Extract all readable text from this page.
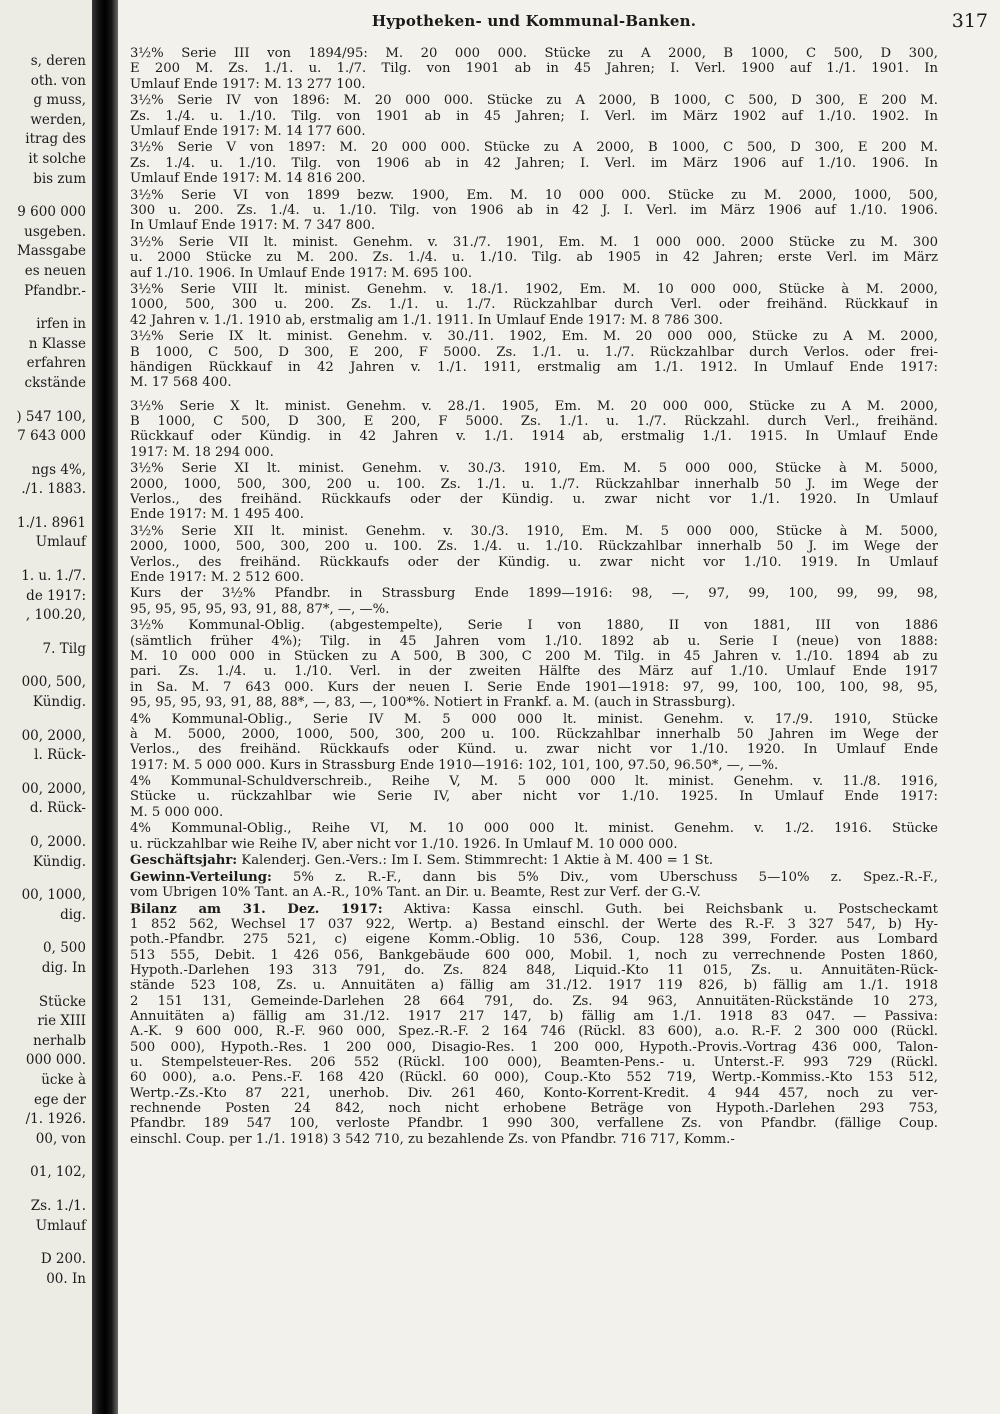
s, deren
oth. von
g muss,
werden,
itrag des
it solche
bis zum
9 600 000
usgeben.
Massgabe
es neuen
Pfandbr.-
irfen in
n Klasse
erfahren
ckstände
) 547 100,
7 643 000
ngs 4%,
./1. 1883.
1./1. 8961
Umlauf
1. u. 1./7.
de 1917:
, 100.20,
7. Tilg
000, 500,
Kündig.
00, 2000,
l. Rück-
00, 2000,
d. Rück-
0, 2000.
Kündig.
00, 1000,
dig.
0, 500
dig. In
Stücke
rie XIII
nerhalb
000 000.
ücke à
ege der
/1. 1926.
00, von
01, 102,
Zs. 1./1.
Umlauf
D 200.
00. In
Hypotheken- und Kommunal-Banken.	317
3½% Serie III von 1894/95: M. 20 000 000. Stücke zu A 2000, B 1000, C 500, D 300,
E 200 M. Zs. 1./1. u. 1./7. Tilg. von 1901 ab in 45 Jahren; I. Verl. 1900 auf 1./1. 1901. In
Umlauf Ende 1917: M. 13 277 100.
3½% Serie IV von 1896: M. 20 000 000. Stücke zu A 2000, B 1000, C 500, D 300, E 200 M.
Zs. 1./4. u. 1./10. Tilg. von 1901 ab in 45 Jahren; I. Verl. im März 1902 auf 1./10. 1902. In
Umlauf Ende 1917: M. 14 177 600.
3½% Serie V von 1897: M. 20 000 000. Stücke zu A 2000, B 1000, C 500, D 300, E 200 M.
Zs. 1./4. u. 1./10. Tilg. von 1906 ab in 42 Jahren; I. Verl. im März 1906 auf 1./10. 1906. In
Umlauf Ende 1917: M. 14 816 200.
3½% Serie VI von 1899 bezw. 1900, Em. M. 10 000 000. Stücke zu M. 2000, 1000, 500,
300 u. 200. Zs. 1./4. u. 1./10. Tilg. von 1906 ab in 42 J. I. Verl. im März 1906 auf 1./10. 1906.
In Umlauf Ende 1917: M. 7 347 800.
3½% Serie VII lt. minist. Genehm. v. 31./7. 1901, Em. M. 1 000 000. 2000 Stücke zu M. 300
u. 2000 Stücke zu M. 200. Zs. 1./4. u. 1./10. Tilg. ab 1905 in 42 Jahren; erste Verl. im März
auf 1./10. 1906. In Umlauf Ende 1917: M. 695 100.
3½% Serie VIII lt. minist. Genehm. v. 18./1. 1902, Em. M. 10 000 000, Stücke à M. 2000,
1000, 500, 300 u. 200. Zs. 1./1. u. 1./7. Rückzahlbar durch Verl. oder freihänd. Rückkauf in
42 Jahren v. 1./1. 1910 ab, erstmalig am 1./1. 1911. In Umlauf Ende 1917: M. 8 786 300.
3½% Serie IX lt. minist. Genehm. v. 30./11. 1902, Em. M. 20 000 000, Stücke zu A M. 2000,
B 1000, C 500, D 300, E 200, F 5000. Zs. 1./1. u. 1./7. Rückzahlbar durch Verlos. oder frei-
händigen Rückkauf in 42 Jahren v. 1./1. 1911, erstmalig am 1./1. 1912. In Umlauf Ende 1917:
M. 17 568 400.
3½% Serie X lt. minist. Genehm. v. 28./1. 1905, Em. M. 20 000 000, Stücke zu A M. 2000,
B 1000, C 500, D 300, E 200, F 5000. Zs. 1./1. u. 1./7. Rückzahl. durch Verl., freihänd.
Rückkauf oder Kündig. in 42 Jahren v. 1./1. 1914 ab, erstmalig 1./1. 1915. In Umlauf Ende
1917: M. 18 294 000.
3½% Serie XI lt. minist. Genehm. v. 30./3. 1910, Em. M. 5 000 000, Stücke à M. 5000,
2000, 1000, 500, 300, 200 u. 100. Zs. 1./1. u. 1./7. Rückzahlbar innerhalb 50 J. im Wege der
Verlos., des freihänd. Rückkaufs oder der Kündig. u. zwar nicht vor 1./1. 1920. In Umlauf
Ende 1917: M. 1 495 400.
3½% Serie XII lt. minist. Genehm. v. 30./3. 1910, Em. M. 5 000 000, Stücke à M. 5000,
2000, 1000, 500, 300, 200 u. 100. Zs. 1./4. u. 1./10. Rückzahlbar innerhalb 50 J. im Wege der
Verlos., des freihänd. Rückkaufs oder der Kündig. u. zwar nicht vor 1./10. 1919. In Umlauf
Ende 1917: M. 2 512 600.
Kurs der 3½% Pfandbr. in Strassburg Ende 1899—1916: 98, —, 97, 99, 100, 99, 99, 98,
95, 95, 95, 95, 93, 91, 88, 87*, —, —%.
3½% Kommunal-Oblig. (abgestempelte), Serie I von 1880, II von 1881, III von 1886
(sämtlich früher 4%); Tilg. in 45 Jahren vom 1./10. 1892 ab u. Serie I (neue) von 1888:
M. 10 000 000 in Stücken zu A 500, B 300, C 200 M. Tilg. in 45 Jahren v. 1./10. 1894 ab zu
pari. Zs. 1./4. u. 1./10. Verl. in der zweiten Hälfte des März auf 1./10. Umlauf Ende 1917
in Sa. M. 7 643 000. Kurs der neuen I. Serie Ende 1901—1918: 97, 99, 100, 100, 100, 98, 95,
95, 95, 95, 93, 91, 88, 88*, —, 83, —, 100*%. Notiert in Frankf. a. M. (auch in Strassburg).
4% Kommunal-Oblig., Serie IV M. 5 000 000 lt. minist. Genehm. v. 17./9. 1910, Stücke
à M. 5000, 2000, 1000, 500, 300, 200 u. 100. Rückzahlbar innerhalb 50 Jahren im Wege der
Verlos., des freihänd. Rückkaufs oder Künd. u. zwar nicht vor 1./10. 1920. In Umlauf Ende
1917: M. 5 000 000. Kurs in Strassburg Ende 1910—1916: 102, 101, 100, 97.50, 96.50*, —, —%.
4% Kommunal-Schuldverschreib., Reihe V, M. 5 000 000 lt. minist. Genehm. v. 11./8. 1916,
Stücke u. rückzahlbar wie Serie IV, aber nicht vor 1./10. 1925. In Umlauf Ende 1917:
M. 5 000 000.
4% Kommunal-Oblig., Reihe VI, M. 10 000 000 lt. minist. Genehm. v. 1./2. 1916. Stücke
u. rückzahlbar wie Reihe IV, aber nicht vor 1./10. 1926. In Umlauf M. 10 000 000.
Geschäftsjahr: Kalenderj. Gen.-Vers.: Im I. Sem. Stimmrecht: 1 Aktie à M. 400 = 1 St.
Gewinn-Verteilung: 5% z. R.-F., dann bis 5% Div., vom Überschuss 5—10% z. Spez.-R.-F.,
vom Übrigen 10% Tant. an A.-R., 10% Tant. an Dir. u. Beamte, Rest zur Verf. der G.-V.
Bilanz am 31. Dez. 1917: Aktiva: Kassa einschl. Guth. bei Reichsbank u. Postscheckamt
1 852 562, Wechsel 17 037 922, Wertp. a) Bestand einschl. der Werte des R.-F. 3 327 547, b) Hy-
poth.-Pfandbr. 275 521, c) eigene Komm.-Oblig. 10 536, Coup. 128 399, Forder. aus Lombard
513 555, Debit. 1 426 056, Bankgebäude 600 000, Mobil. 1, noch zu verrechnende Posten 1860,
Hypoth.-Darlehen 193 313 791, do. Zs. 824 848, Liquid.-Kto 11 015, Zs. u. Annuitäten-Rück-
stände 523 108, Zs. u. Annuitäten a) fällig am 31./12. 1917 119 826, b) fällig am 1./1. 1918
2 151 131, Gemeinde-Darlehen 28 664 791, do. Zs. 94 963, Annuitäten-Rückstände 10 273,
Annuitäten a) fällig am 31./12. 1917 217 147, b) fällig am 1./1. 1918 83 047. — Passiva:
A.-K. 9 600 000, R.-F. 960 000, Spez.-R.-F. 2 164 746 (Rückl. 83 600), a.o. R.-F. 2 300 000 (Rückl.
500 000), Hypoth.-Res. 1 200 000, Disagio-Res. 1 200 000, Hypoth.-Provis.-Vortrag 436 000, Talon-
u. Stempelsteuer-Res. 206 552 (Rückl. 100 000), Beamten-Pens.- u. Unterst.-F. 993 729 (Rückl.
60 000), a.o. Pens.-F. 168 420 (Rückl. 60 000), Coup.-Kto 552 719, Wertp.-Kommiss.-Kto 153 512,
Wertp.-Zs.-Kto 87 221, unerhob. Div. 261 460, Konto-Korrent-Kredit. 4 944 457, noch zu ver-
rechnende Posten 24 842, noch nicht erhobene Beträge von Hypoth.-Darlehen 293 753,
Pfandbr. 189 547 100, verloste Pfandbr. 1 990 300, verfallene Zs. von Pfandbr. (fällige Coup.
einschl. Coup. per 1./1. 1918) 3 542 710, zu bezahlende Zs. von Pfandbr. 716 717, Komm.-
